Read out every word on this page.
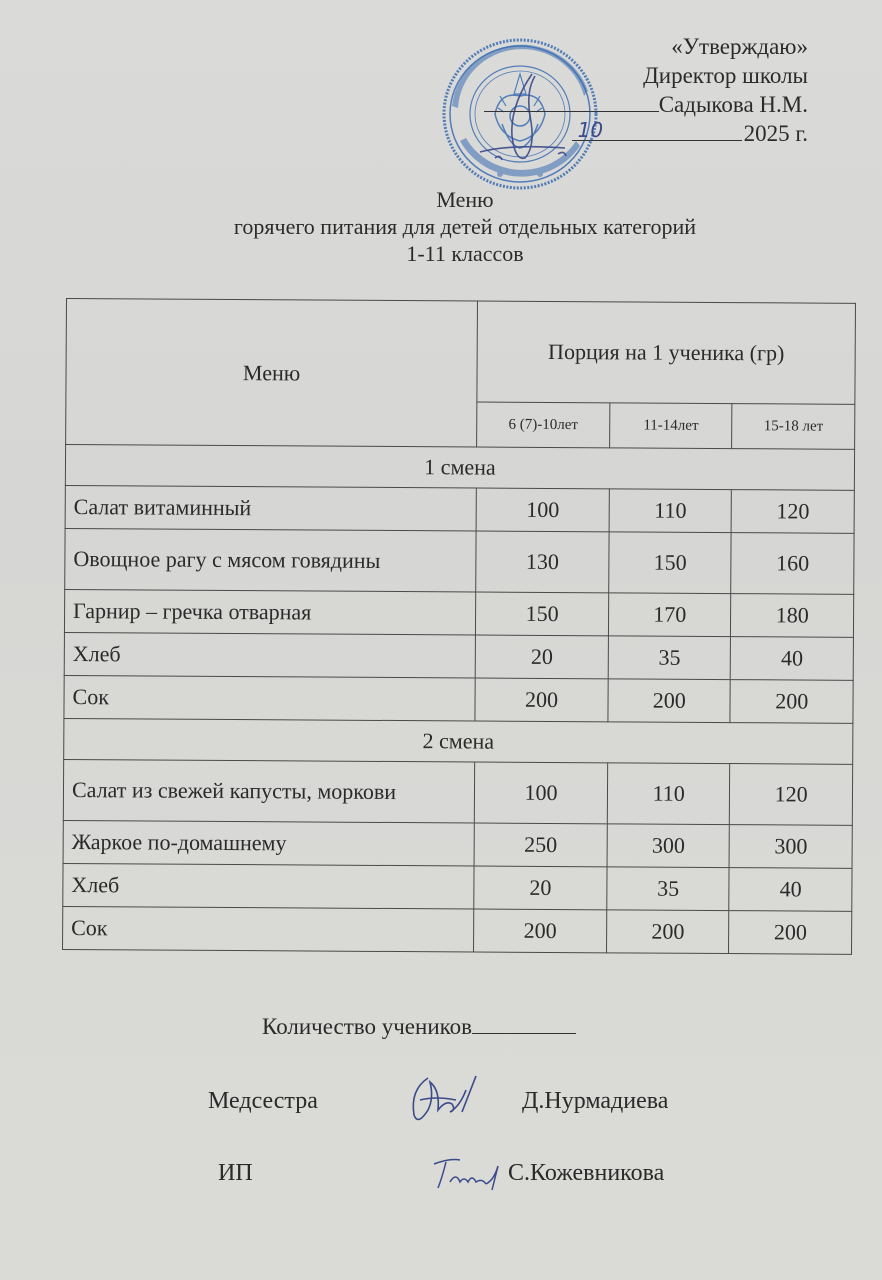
«Утверждаю»
Директор школы
Садыкова Н.М.
10	2025 г.
Меню
горячего питания для детей отдельных категорий
1-11 классов
Меню	Порция на 1 ученика (гр)		
	6 (7)-10лет	11-14лет	15-18 лет
1 смена			
Салат витаминный	100	110	120
Овощное рагу с мясом говядины	130	150	160
Гарнир – гречка отварная	150	170	180
Хлеб	20	35	40
Сок	200	200	200
2 смена			
Салат из свежей капусты, моркови	100	110	120
Жаркое по-домашнему	250	300	300
Хлеб	20	35	40
Сок	200	200	200
Количество учеников
Медсестра	Д.Нурмадиева
ИП	С.Кожевникова
